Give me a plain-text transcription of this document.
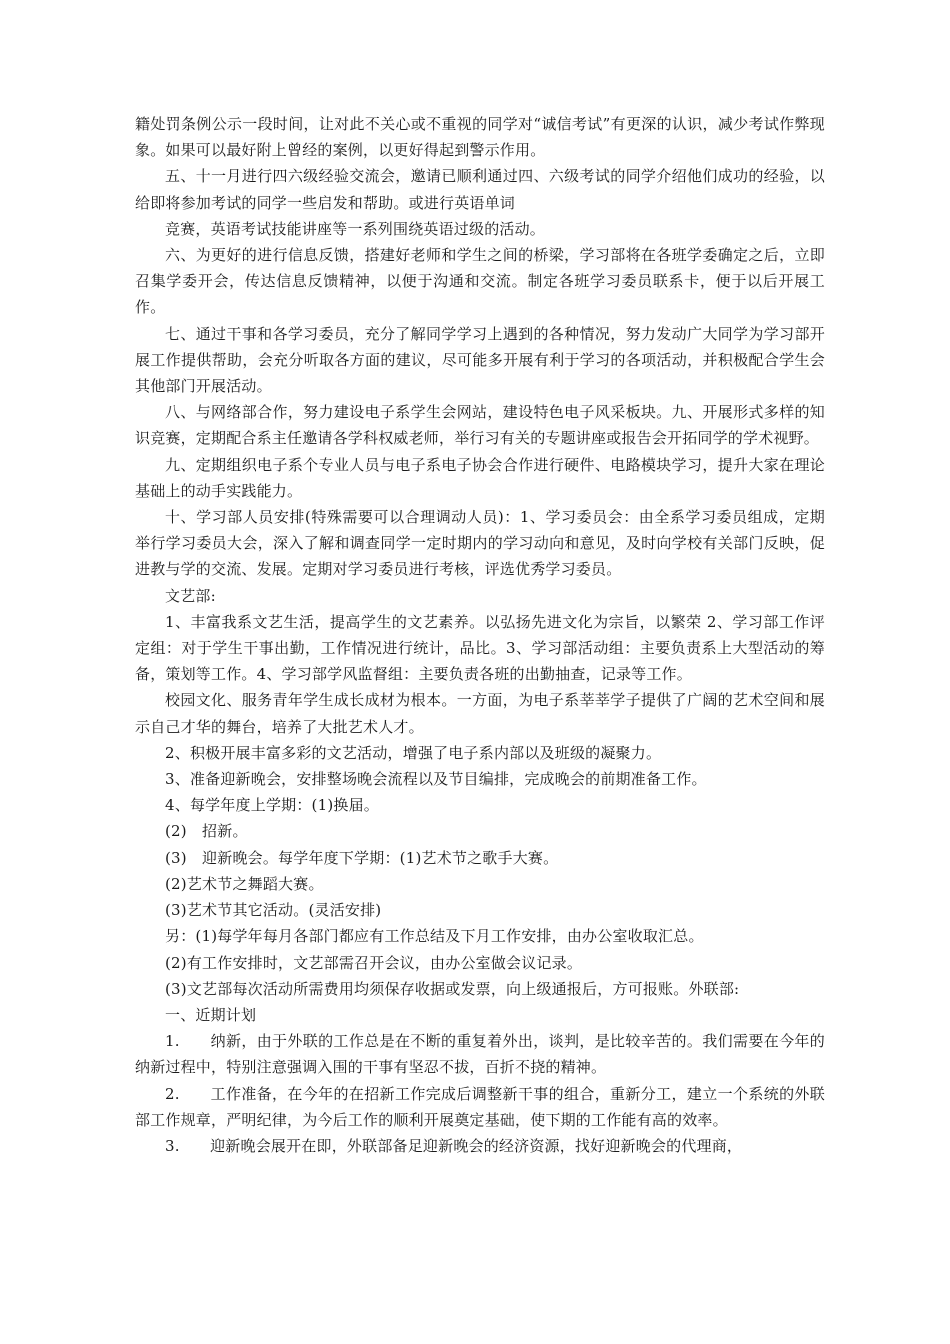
籍处罚条例公示一段时间，让对此不关心或不重视的同学对“诚信考试”有更深的认识，减少考试作弊现象。如果可以最好附上曾经的案例，以更好得起到警示作用。

五、十一月进行四六级经验交流会，邀请已顺利通过四、六级考试的同学介绍他们成功的经验，以给即将参加考试的同学一些启发和帮助。或进行英语单词

竞赛，英语考试技能讲座等一系列围绕英语过级的活动。

六、为更好的进行信息反馈，搭建好老师和学生之间的桥梁，学习部将在各班学委确定之后，立即召集学委开会，传达信息反馈精神，以便于沟通和交流。制定各班学习委员联系卡，便于以后开展工作。

七、通过干事和各学习委员，充分了解同学学习上遇到的各种情况，努力发动广大同学为学习部开展工作提供帮助，会充分听取各方面的建议，尽可能多开展有利于学习的各项活动，并积极配合学生会其他部门开展活动。

八、与网络部合作，努力建设电子系学生会网站，建设特色电子风采板块。九、开展形式多样的知识竞赛，定期配合系主任邀请各学科权威老师，举行习有关的专题讲座或报告会开拓同学的学术视野。

九、定期组织电子系个专业人员与电子系电子协会合作进行硬件、电路模块学习，提升大家在理论基础上的动手实践能力。

十、学习部人员安排(特殊需要可以合理调动人员)：1、学习委员会：由全系学习委员组成，定期举行学习委员大会，深入了解和调查同学一定时期内的学习动向和意见，及时向学校有关部门反映，促进教与学的交流、发展。定期对学习委员进行考核，评选优秀学习委员。

文艺部:

1、丰富我系文艺生活，提高学生的文艺素养。以弘扬先进文化为宗旨，以繁荣 2、学习部工作评定组：对于学生干事出勤，工作情况进行统计，品比。3、学习部活动组：主要负责系上大型活动的筹备，策划等工作。4、学习部学风监督组：主要负责各班的出勤抽查，记录等工作。

校园文化、服务青年学生成长成材为根本。一方面，为电子系莘莘学子提供了广阔的艺术空间和展示自己才华的舞台，培养了大批艺术人才。

2、积极开展丰富多彩的文艺活动，增强了电子系内部以及班级的凝聚力。

3、准备迎新晚会，安排整场晚会流程以及节目编排，完成晚会的前期准备工作。

4、每学年度上学期：(1)换届。

(2)　招新。

(3)　迎新晚会。每学年度下学期：(1)艺术节之歌手大赛。

(2)艺术节之舞蹈大赛。

(3)艺术节其它活动。(灵活安排)

另：(1)每学年每月各部门都应有工作总结及下月工作安排，由办公室收取汇总。

(2)有工作安排时，文艺部需召开会议，由办公室做会议记录。

(3)文艺部每次活动所需费用均须保存收据或发票，向上级通报后，方可报账。外联部:

一、近期计划

1.　　纳新，由于外联的工作总是在不断的重复着外出，谈判，是比较辛苦的。我们需要在今年的纳新过程中，特别注意强调入围的干事有坚忍不拔，百折不挠的精神。

2.　　工作准备，在今年的在招新工作完成后调整新干事的组合，重新分工，建立一个系统的外联部工作规章，严明纪律，为今后工作的顺利开展奠定基础，使下期的工作能有高的效率。

3.　　迎新晚会展开在即，外联部备足迎新晚会的经济资源，找好迎新晚会的代理商，
